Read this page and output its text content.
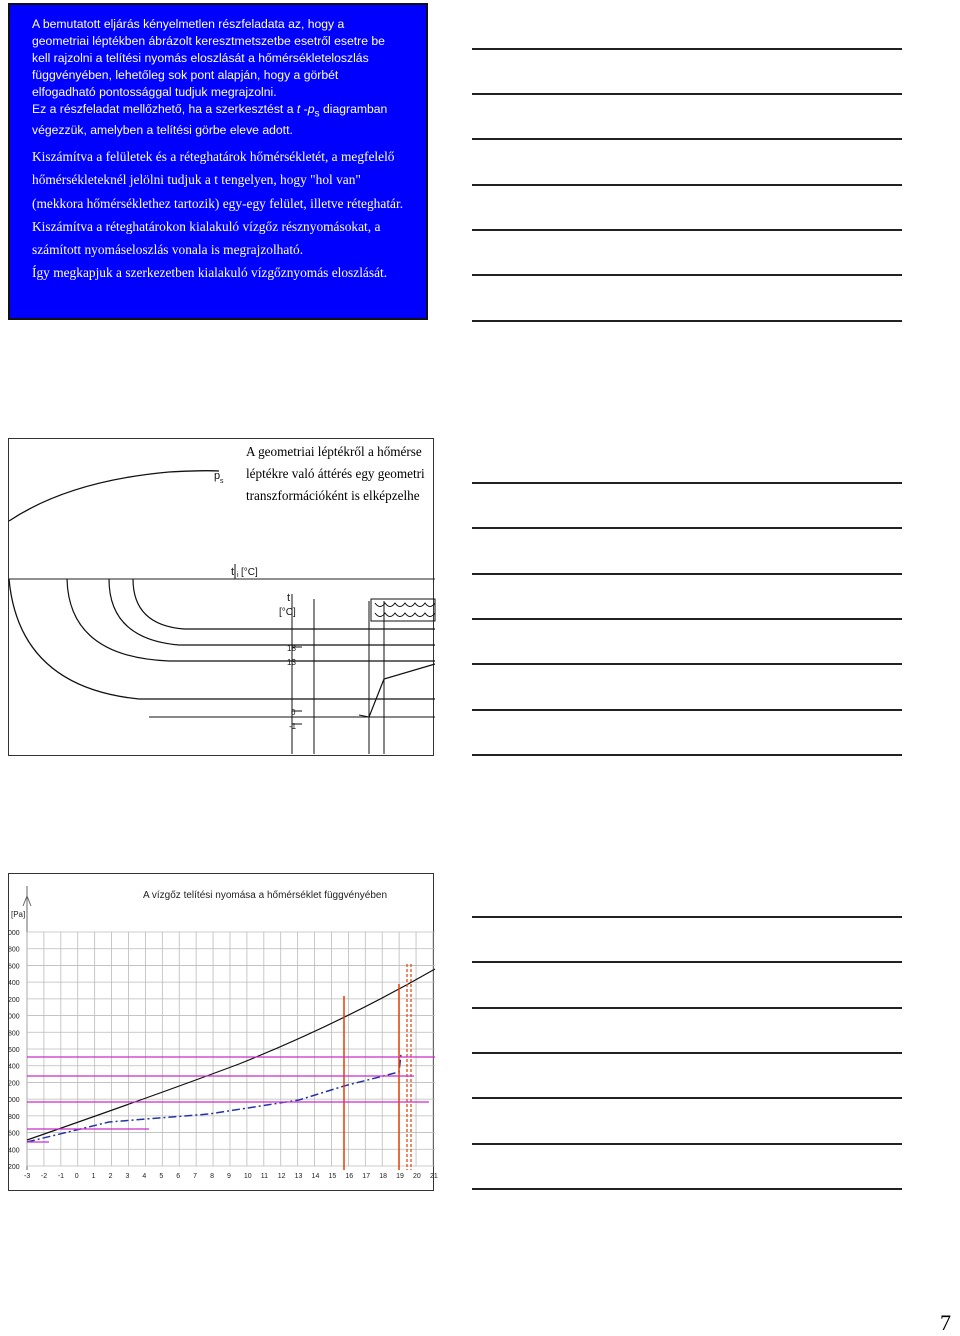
A bemutatott eljárás kényelmetlen részfeladata az, hogy a
geometriai léptékben ábrázolt keresztmetszetbe esetről esetre be
kell rajzolni a telítési nyomás eloszlását a hőmérsékleteloszlás
függvényében, lehetőleg sok pont alapján, hogy a görbét
elfogadható pontossággal tudjuk megrajzolni.
Ez a részfeladat mellőzhető, ha a szerkesztést a t $-p_s$ diagramban
végezzük, amelyben a telítési görbe eleve adott.

Kiszámítva a felületek és a réteghatárok hőmérsékletét, a megfelelő
hőmérsékleteknél jelölni tudjuk a t tengelyen, hogy "hol van"
(mekkora hőmérséklethez tartozik) egy-egy felület, illetve réteghatár.
Kiszámítva a réteghatárokon kialakuló vízgőz résznyomásokat, a
számított nyomáseloszlás vonala is megrajzolható.
Így megkapjuk a szerkezetben kialakuló vízgőznyomás eloszlását.

p s
t i [°C]
t
[°C]
18
13
0
-1
A geometriai léptékről a hőmérse
léptékre való áttérés egy geometri
transzformációként is elképzelhe
A vízgőz telítési nyomása a hőmérséklet függvényében
[Pa]
000
800
600
400
200
000
800
600
400
200
000
800
600
400
200
-3 -2 -1 0 1 2 3 4 5 6 7 8 9 10 11 12 13 14 15 16 17 18 19 20 21
7
